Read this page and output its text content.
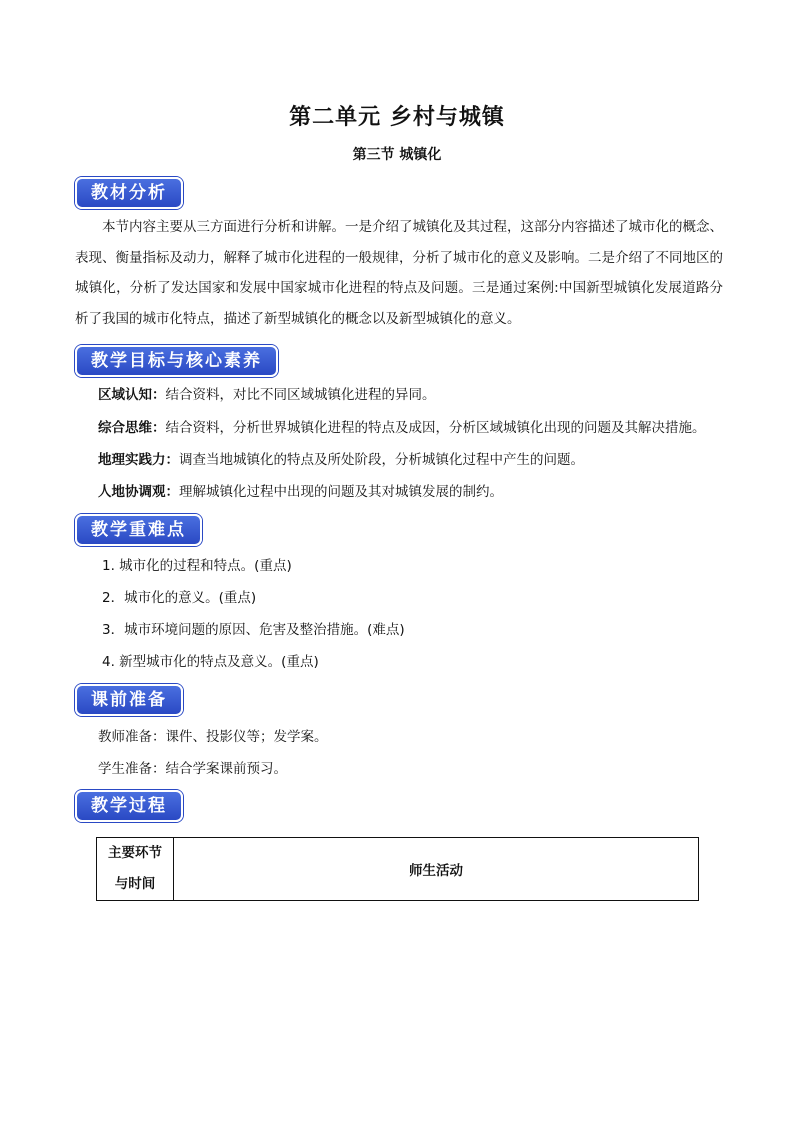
第二单元 乡村与城镇
第三节 城镇化
教材分析
本节内容主要从三方面进行分析和讲解。一是介绍了城镇化及其过程，这部分内容描述了城市化的概念、表现、衡量指标及动力，解释了城市化进程的一般规律，分析了城市化的意义及影响。二是介绍了不同地区的城镇化，分析了发达国家和发展中国家城市化进程的特点及问题。三是通过案例:中国新型城镇化发展道路分析了我国的城市化特点，描述了新型城镇化的概念以及新型城镇化的意义。
教学目标与核心素养
区域认知：结合资料，对比不同区域城镇化进程的异同。
综合思维：结合资料，分析世界城镇化进程的特点及成因，分析区域城镇化出现的问题及其解决措施。
地理实践力：调查当地城镇化的特点及所处阶段，分析城镇化过程中产生的问题。
人地协调观：理解城镇化过程中出现的问题及其对城镇发展的制约。
教学重难点
1. 城市化的过程和特点。(重点)
2．城市化的意义。(重点)
3．城市环境问题的原因、危害及整治措施。(难点)
4. 新型城市化的特点及意义。(重点)
课前准备
教师准备：课件、投影仪等；发学案。
学生准备：结合学案课前预习。
教学过程
主要环节
与时间
	师生活动
